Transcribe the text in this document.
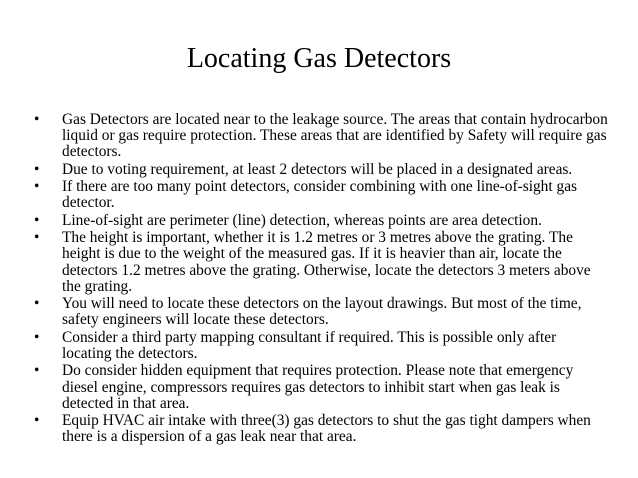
Locating Gas Detectors
•	Gas Detectors are located near to the leakage source. The areas that contain hydrocarbon liquid or gas require protection. These areas that are identified by Safety will require gas detectors.
•	Due to voting requirement, at least 2 detectors will be placed in a designated areas.
•	If there are too many point detectors, consider combining with one line-of-sight gas detector.
•	Line-of-sight are perimeter (line) detection, whereas points are area detection.
•	The height is important, whether it is 1.2 metres or 3 metres above the grating. The height is due to the weight of the measured gas. If it is heavier than air, locate the detectors 1.2 metres above the grating. Otherwise, locate the detectors 3 meters above the grating.
•	You will need to locate these detectors on the layout drawings. But most of the time, safety engineers will locate these detectors.
•	Consider a third party mapping consultant if required. This is possible only after locating the detectors.
•	Do consider hidden equipment that requires protection. Please note that emergency diesel engine, compressors requires gas detectors to inhibit start when gas leak is detected in that area.
•	Equip HVAC air intake with three(3) gas detectors to shut the gas tight dampers when there is a dispersion of a gas leak near that area.
